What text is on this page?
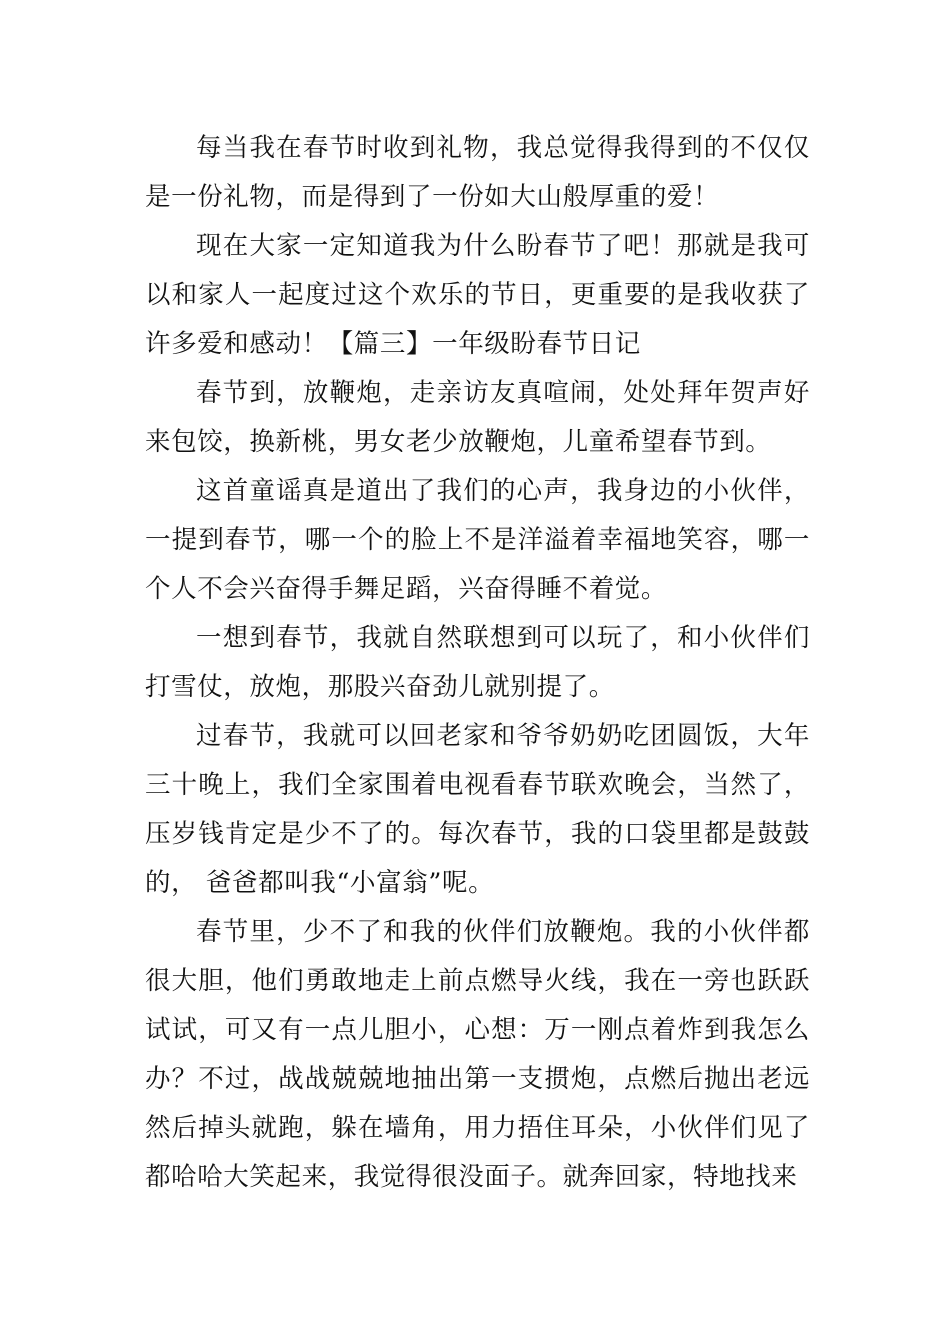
每当我在春节时收到礼物，我总觉得我得到的不仅仅是一份礼物，而是得到了一份如大山般厚重的爱！

现在大家一定知道我为什么盼春节了吧！那就是我可以和家人一起度过这个欢乐的节日，更重要的是我收获了许多爱和感动！【篇三】一年级盼春节日记

春节到，放鞭炮，走亲访友真喧闹，处处拜年贺声好来包饺，换新桃，男女老少放鞭炮，儿童希望春节到。

这首童谣真是道出了我们的心声，我身边的小伙伴，一提到春节，哪一个的脸上不是洋溢着幸福地笑容，哪一个人不会兴奋得手舞足蹈，兴奋得睡不着觉。

一想到春节，我就自然联想到可以玩了，和小伙伴们打雪仗，放炮，那股兴奋劲儿就别提了。

过春节，我就可以回老家和爷爷奶奶吃团圆饭，大年三十晚上，我们全家围着电视看春节联欢晚会，当然了，压岁钱肯定是少不了的。每次春节，我的口袋里都是鼓鼓的， 爸爸都叫我“小富翁”呢。

春节里，少不了和我的伙伴们放鞭炮。我的小伙伴都很大胆，他们勇敢地走上前点燃导火线，我在一旁也跃跃试试，可又有一点儿胆小，心想：万一刚点着炸到我怎么办？不过，战战兢兢地抽出第一支掼炮，点燃后抛出老远然后掉头就跑，躲在墙角，用力捂住耳朵，小伙伴们见了都哈哈大笑起来，我觉得很没面子。就奔回家，特地找来
